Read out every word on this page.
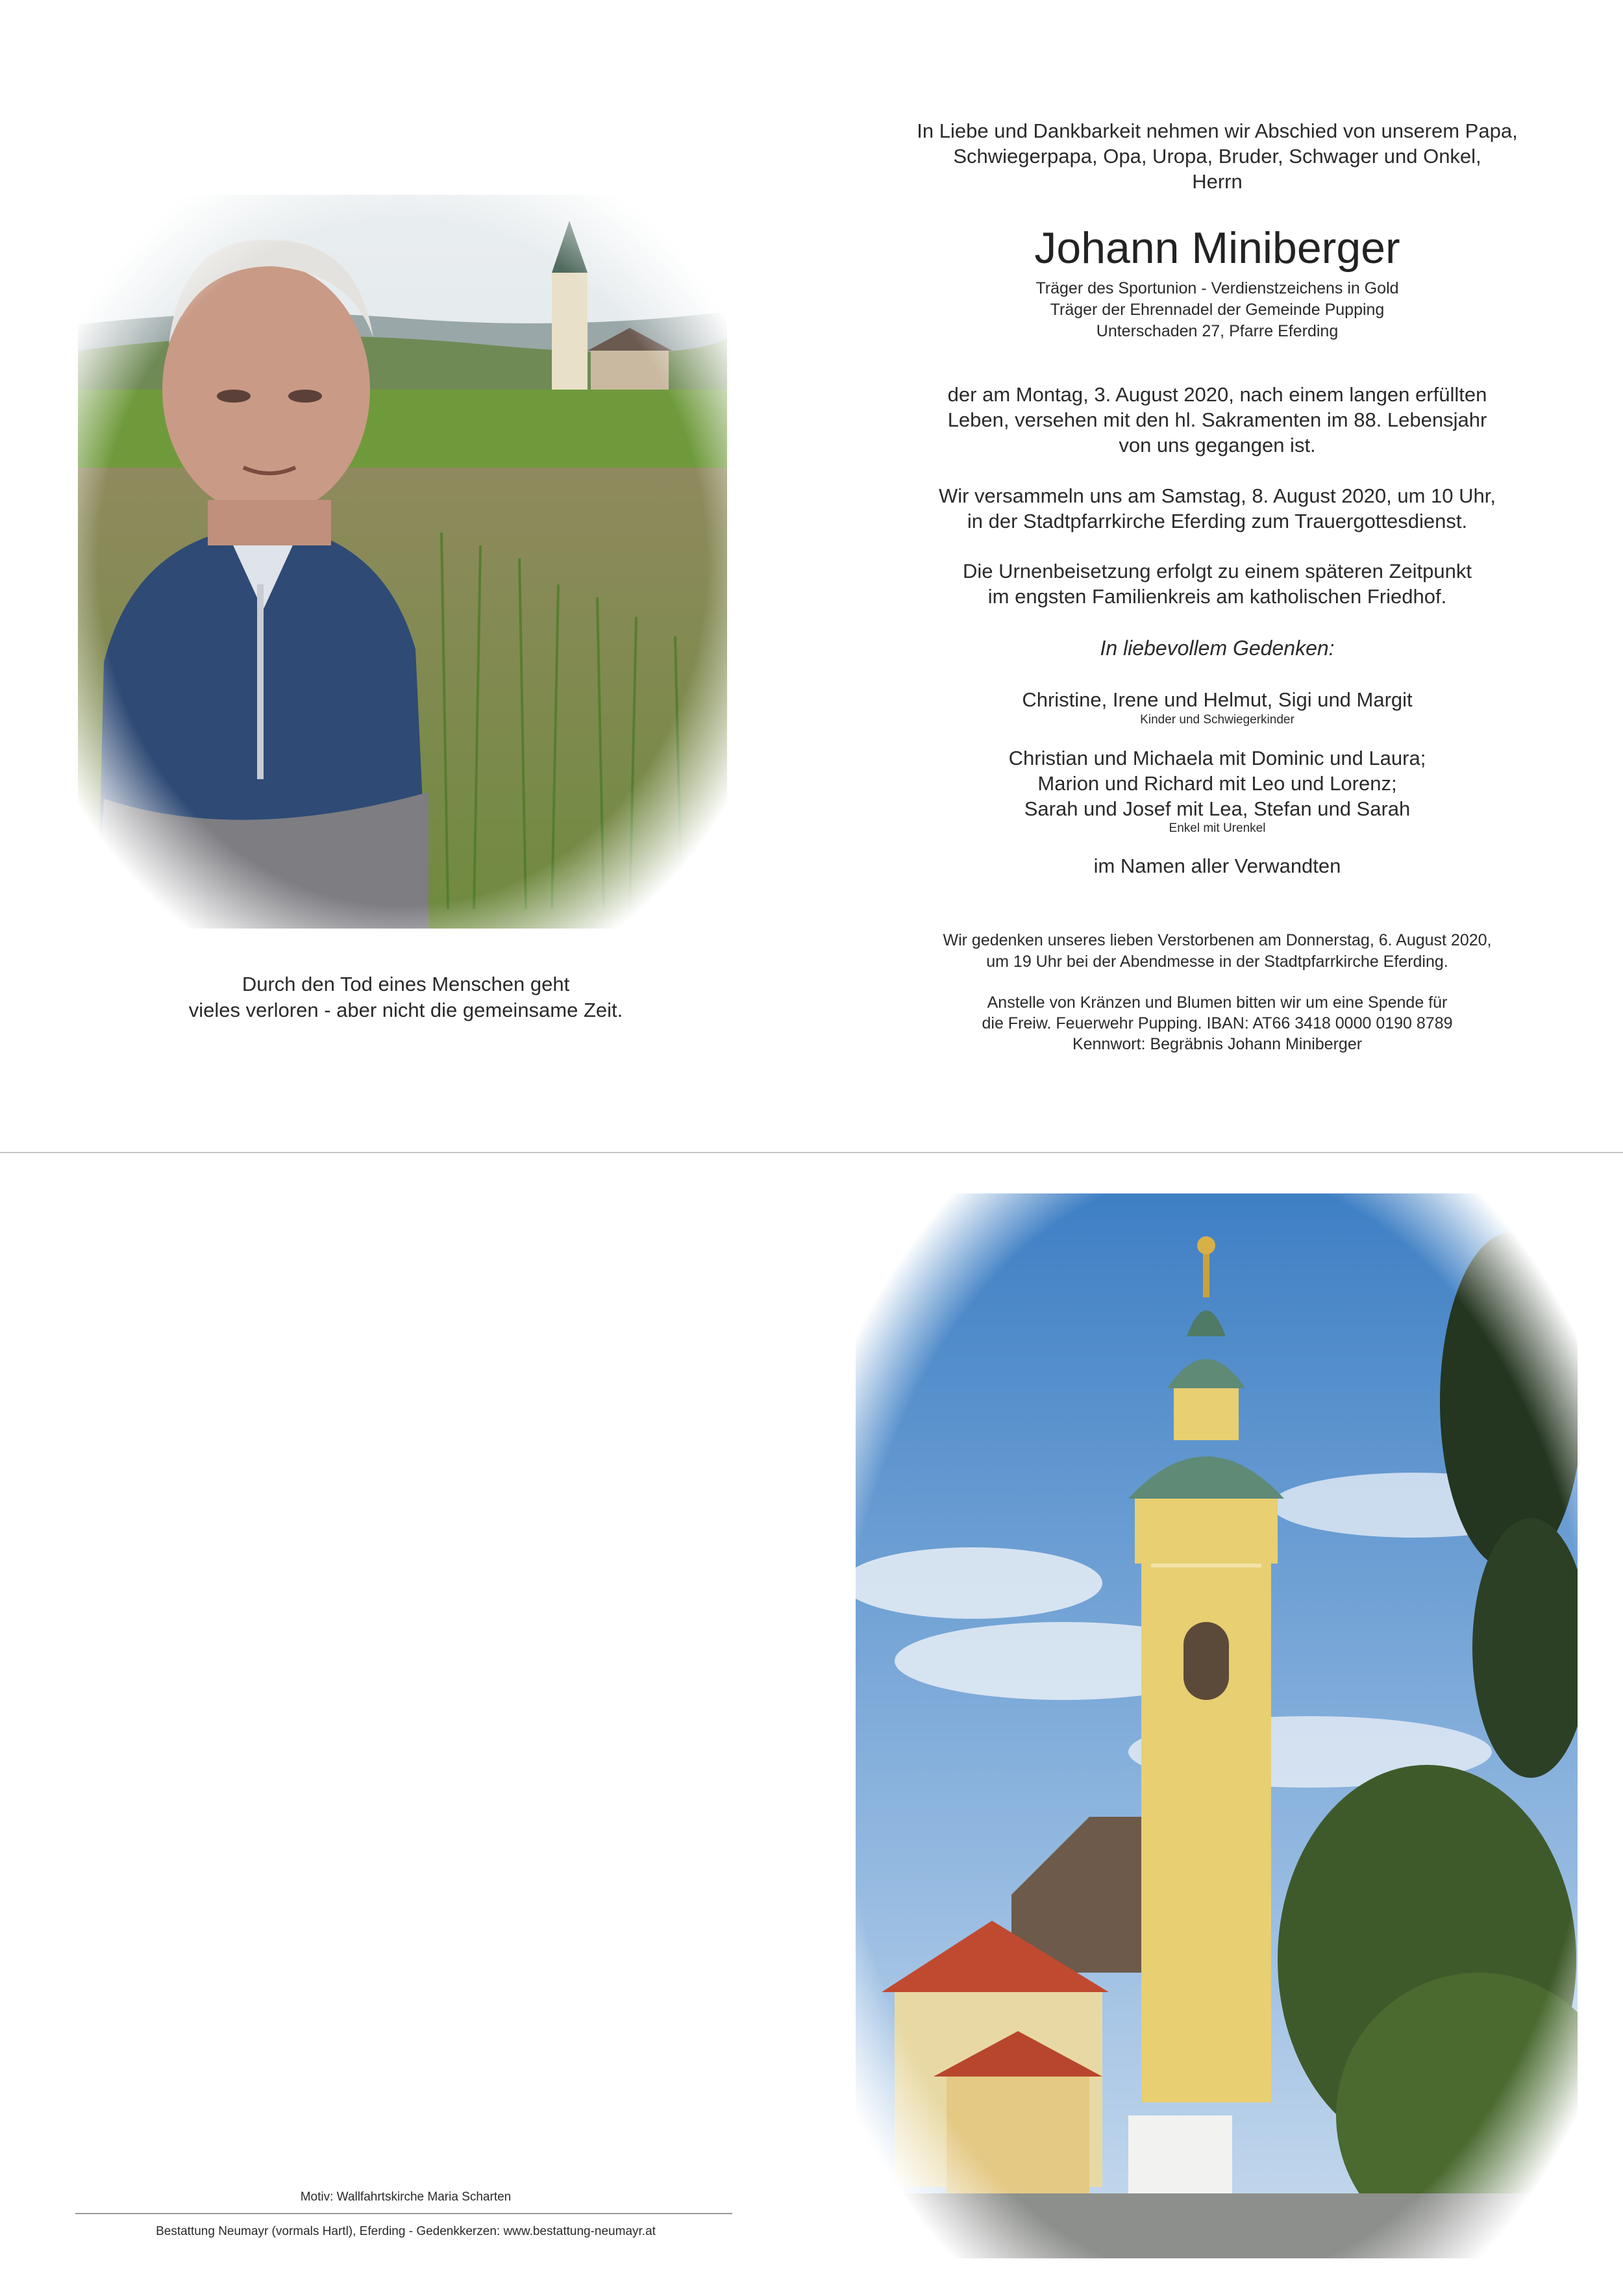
Durch den Tod eines Menschen geht
vieles verloren - aber nicht die gemeinsame Zeit.
In Liebe und Dankbarkeit nehmen wir Abschied von unserem Papa,
Schwiegerpapa, Opa, Uropa, Bruder, Schwager und Onkel,
Herrn
Johann Miniberger
Träger des Sportunion - Verdienstzeichens in Gold
Träger der Ehrennadel der Gemeinde Pupping
Unterschaden 27, Pfarre Eferding
der am Montag, 3. August 2020, nach einem langen erfüllten
Leben, versehen mit den hl. Sakramenten im 88. Lebensjahr
von uns gegangen ist.
Wir versammeln uns am Samstag, 8. August 2020, um 10 Uhr,
in der Stadtpfarrkirche Eferding zum Trauergottesdienst.
Die Urnenbeisetzung erfolgt zu einem späteren Zeitpunkt
im engsten Familienkreis am katholischen Friedhof.
In liebevollem Gedenken:
Christine, Irene und Helmut, Sigi und Margit
Kinder und Schwiegerkinder
Christian und Michaela mit Dominic und Laura;
Marion und Richard mit Leo und Lorenz;
Sarah und Josef mit Lea, Stefan und Sarah
Enkel mit Urenkel
im Namen aller Verwandten
Wir gedenken unseres lieben Verstorbenen am Donnerstag, 6. August 2020,
um 19 Uhr bei der Abendmesse in der Stadtpfarrkirche Eferding.
Anstelle von Kränzen und Blumen bitten wir um eine Spende für
die Freiw. Feuerwehr Pupping. IBAN: AT66 3418 0000 0190 8789
Kennwort: Begräbnis Johann Miniberger
Motiv: Wallfahrtskirche Maria Scharten
Bestattung Neumayr (vormals Hartl), Eferding - Gedenkkerzen: www.bestattung-neumayr.at
